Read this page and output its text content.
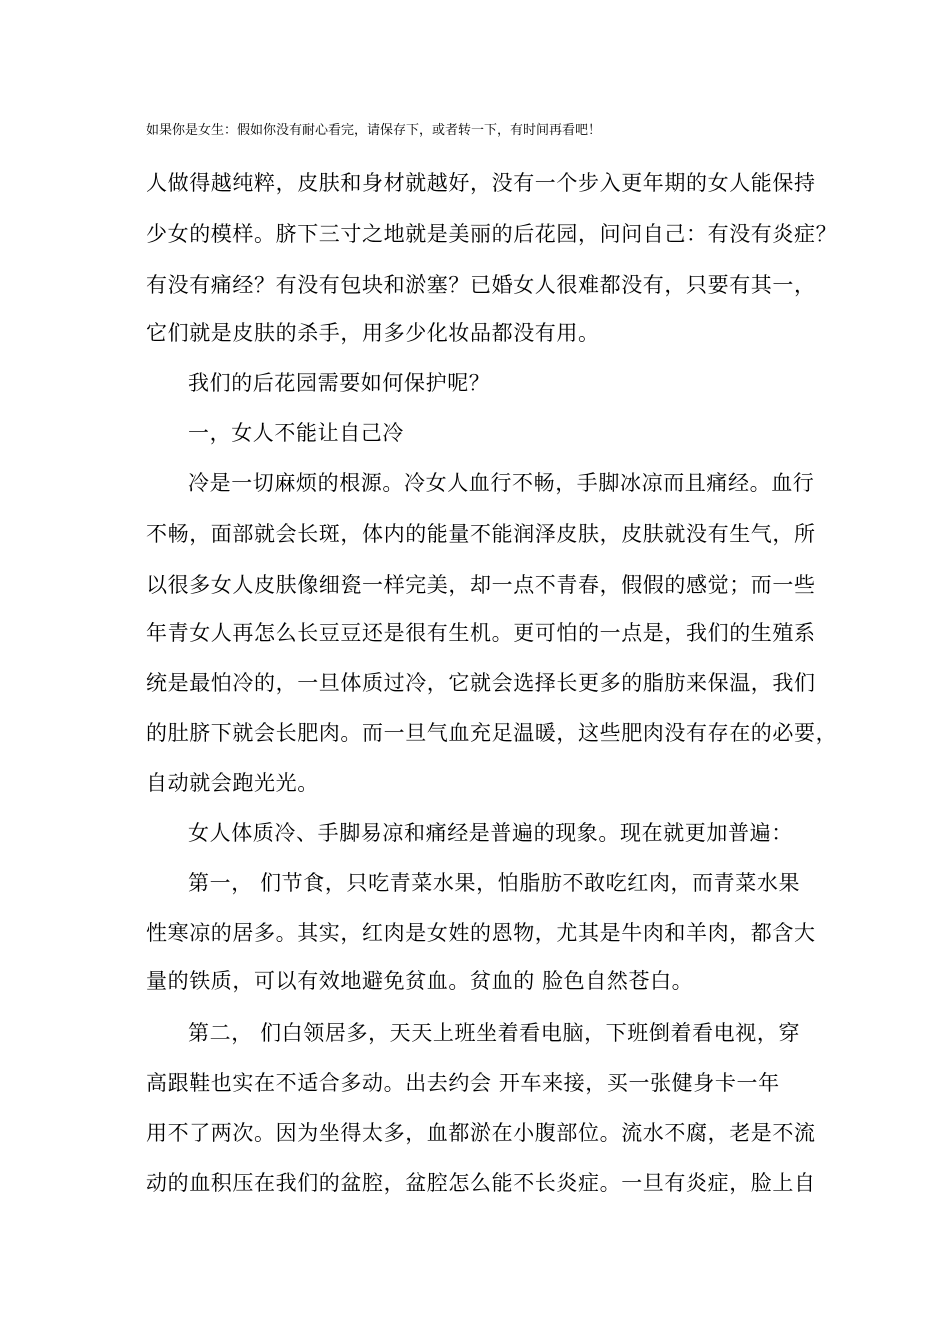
如果你是女生：假如你没有耐心看完，请保存下，或者转一下，有时间再看吧！
人做得越纯粹，皮肤和身材就越好，没有一个步入更年期的女人能保持
少女的模样。脐下三寸之地就是美丽的后花园，问问自己：有没有炎症？
有没有痛经？有没有包块和淤塞？已婚女人很难都没有，只要有其一，
它们就是皮肤的杀手，用多少化妆品都没有用。
我们的后花园需要如何保护呢？
一，女人不能让自己冷
冷是一切麻烦的根源。冷女人血行不畅，手脚冰凉而且痛经。血行
不畅，面部就会长斑，体内的能量不能润泽皮肤，皮肤就没有生气，所
以很多女人皮肤像细瓷一样完美，却一点不青春，假假的感觉；而一些
年青女人再怎么长豆豆还是很有生机。更可怕的一点是，我们的生殖系
统是最怕冷的，一旦体质过冷，它就会选择长更多的脂肪来保温，我们
的肚脐下就会长肥肉。而一旦气血充足温暖，这些肥肉没有存在的必要，
自动就会跑光光。
女人体质冷、手脚易凉和痛经是普遍的现象。现在就更加普遍：
第一， 们节食，只吃青菜水果，怕脂肪不敢吃红肉，而青菜水果
性寒凉的居多。其实，红肉是女姓的恩物，尤其是牛肉和羊肉，都含大
量的铁质，可以有效地避免贫血。贫血的 脸色自然苍白。
第二， 们白领居多，天天上班坐着看电脑，下班倒着看电视，穿
高跟鞋也实在不适合多动。出去约会 开车来接，买一张健身卡一年
用不了两次。因为坐得太多，血都淤在小腹部位。流水不腐，老是不流
动的血积压在我们的盆腔，盆腔怎么能不长炎症。一旦有炎症，脸上自
